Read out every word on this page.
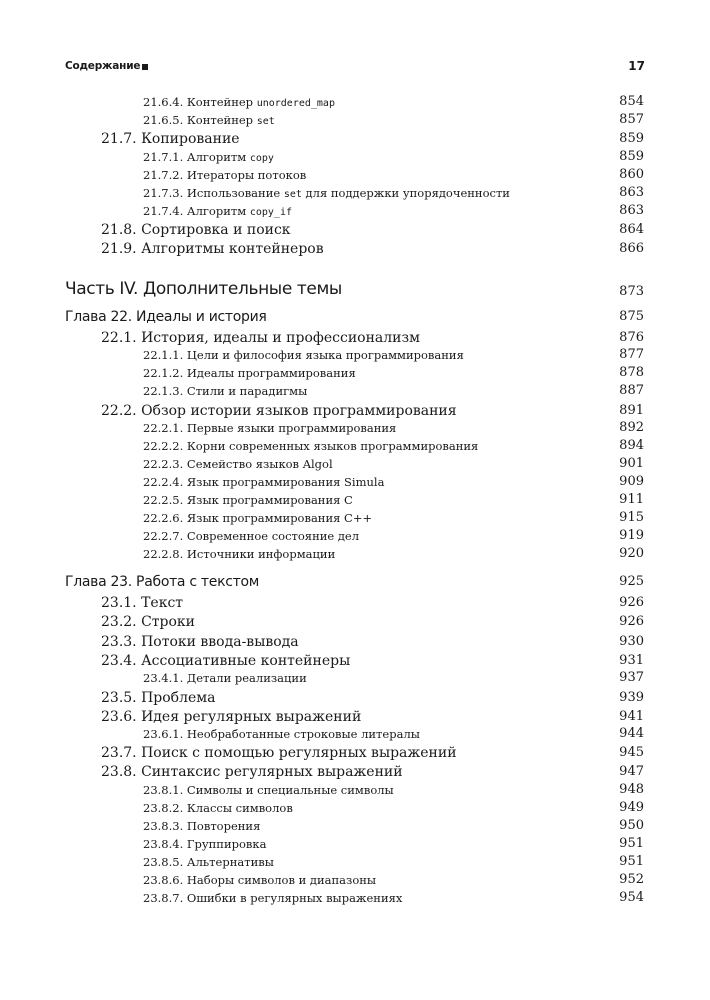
Содержание	17
21.6.4. Контейнер unordered_map	854
21.6.5. Контейнер set	857
21.7. Копирование	859
21.7.1. Алгоритм copy	859
21.7.2. Итераторы потоков	860
21.7.3. Использование set для поддержки упорядоченности	863
21.7.4. Алгоритм copy_if	863
21.8. Сортировка и поиск	864
21.9. Алгоритмы контейнеров	866
Часть IV. Дополнительные темы	873
Глава 22. Идеалы и история	875
22.1. История, идеалы и профессионализм	876
22.1.1. Цели и философия языка программирования	877
22.1.2. Идеалы программирования	878
22.1.3. Стили и парадигмы	887
22.2. Обзор истории языков программирования	891
22.2.1. Первые языки программирования	892
22.2.2. Корни современных языков программирования	894
22.2.3. Семейство языков Algol	901
22.2.4. Язык программирования Simula	909
22.2.5. Язык программирования C	911
22.2.6. Язык программирования C++	915
22.2.7. Современное состояние дел	919
22.2.8. Источники информации	920
Глава 23. Работа с текстом	925
23.1. Текст	926
23.2. Строки	926
23.3. Потоки ввода-вывода	930
23.4. Ассоциативные контейнеры	931
23.4.1. Детали реализации	937
23.5. Проблема	939
23.6. Идея регулярных выражений	941
23.6.1. Необработанные строковые литералы	944
23.7. Поиск с помощью регулярных выражений	945
23.8. Синтаксис регулярных выражений	947
23.8.1. Символы и специальные символы	948
23.8.2. Классы символов	949
23.8.3. Повторения	950
23.8.4. Группировка	951
23.8.5. Альтернативы	951
23.8.6. Наборы символов и диапазоны	952
23.8.7. Ошибки в регулярных выражениях	954
